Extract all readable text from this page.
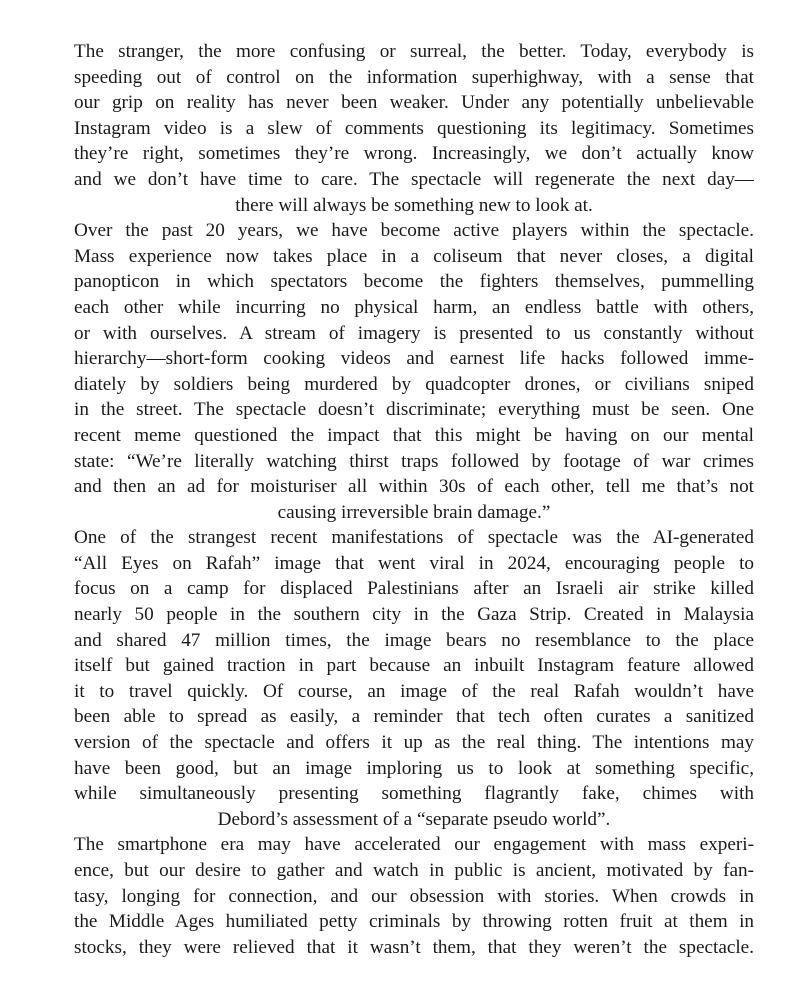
The stranger, the more confusing or surreal, the better. Today, everybody is
speeding out of control on the information superhighway, with a sense that
our grip on reality has never been weaker. Under any potentially unbelievable
Instagram video is a slew of comments questioning its legitimacy. Sometimes
they’re right, sometimes they’re wrong. Increasingly, we don’t actually know
and we don’t have time to care. The spectacle will regenerate the next day—
there will always be something new to look at.
Over the past 20 years, we have become active players within the spectacle.
Mass experience now takes place in a coliseum that never closes, a digital
panopticon in which spectators become the fighters themselves, pummelling
each other while incurring no physical harm, an endless battle with others,
or with ourselves. A stream of imagery is presented to us constantly without
hierarchy—short-form cooking videos and earnest life hacks followed imme-
diately by soldiers being murdered by quadcopter drones, or civilians sniped
in the street. The spectacle doesn’t discriminate; everything must be seen. One
recent meme questioned the impact that this might be having on our mental
state: “We’re literally watching thirst traps followed by footage of war crimes
and then an ad for moisturiser all within 30s of each other, tell me that’s not
causing irreversible brain damage.”
One of the strangest recent manifestations of spectacle was the AI-generated
“All Eyes on Rafah” image that went viral in 2024, encouraging people to
focus on a camp for displaced Palestinians after an Israeli air strike killed
nearly 50 people in the southern city in the Gaza Strip. Created in Malaysia
and shared 47 million times, the image bears no resemblance to the place
itself but gained traction in part because an inbuilt Instagram feature allowed
it to travel quickly. Of course, an image of the real Rafah wouldn’t have
been able to spread as easily, a reminder that tech often curates a sanitized
version of the spectacle and offers it up as the real thing. The intentions may
have been good, but an image imploring us to look at something specific,
while simultaneously presenting something flagrantly fake, chimes with
Debord’s assessment of a “separate pseudo world”.
The smartphone era may have accelerated our engagement with mass experi-
ence, but our desire to gather and watch in public is ancient, motivated by fan-
tasy, longing for connection, and our obsession with stories. When crowds in
the Middle Ages humiliated petty criminals by throwing rotten fruit at them in
stocks, they were relieved that it wasn’t them, that they weren’t the spectacle.
